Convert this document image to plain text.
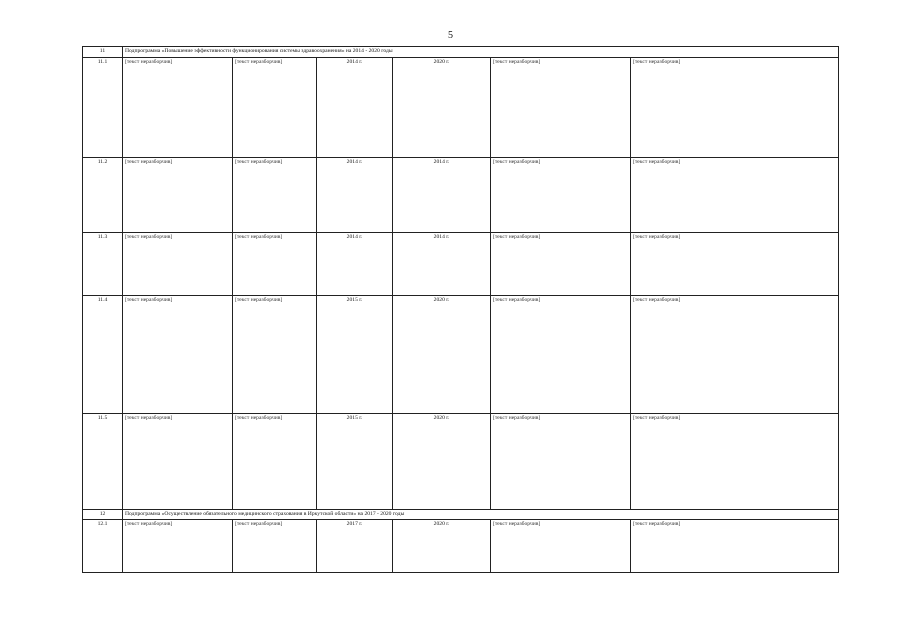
5
11	Подпрограмма «Повышение эффективности функционирования системы здравоохранения» на 2014 - 2020 годы					
11.1	[текст неразборчив]	[текст неразборчив]	2014 г.	2020 г.	[текст неразборчив]	[текст неразборчив]
11.2	[текст неразборчив]	[текст неразборчив]	2014 г.	2014 г.	[текст неразборчив]	[текст неразборчив]
11.3	[текст неразборчив]	[текст неразборчив]	2014 г.	2014 г.	[текст неразборчив]	[текст неразборчив]
11.4	[текст неразборчив]	[текст неразборчив]	2015 г.	2020 г.	[текст неразборчив]	[текст неразборчив]
11.5	[текст неразборчив]	[текст неразборчив]	2015 г.	2020 г.	[текст неразборчив]	[текст неразборчив]
12	Подпрограмма «Осуществление обязательного медицинского страхования в Иркутской области» на 2017 - 2020 годы					
12.1	[текст неразборчив]	[текст неразборчив]	2017 г.	2020 г.	[текст неразборчив]	[текст неразборчив]
